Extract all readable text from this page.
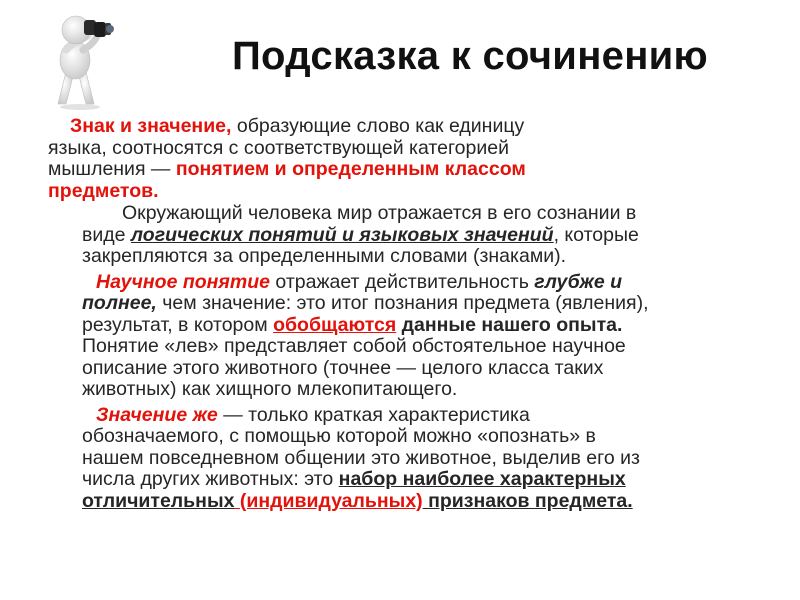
Подсказка к сочинению

Знак и значение, образующие слово как единицу
языка, соотносятся с соответствующей категорией
мышления — понятием и определенным классом
предметов.

Окружающий человека мир отражается в его сознании в
виде логических понятий и языковых значений, которые
закрепляются за определенными словами (знаками).

Научное понятие отражает действительность глубже и
полнее, чем значение: это итог познания предмета (явления),
результат, в котором обобщаются данные нашего опыта.
Понятие «лев» представляет собой обстоятельное научное
описание этого животного (точнее — целого класса таких
животных) как хищного млекопитающего.

Значение же — только краткая характеристика
обозначаемого, с помощью которой можно «опознать» в
нашем повседневном общении это животное, выделив его из
числа других животных: это набор наиболее характерных
отличительных (индивидуальных) признаков предмета.
